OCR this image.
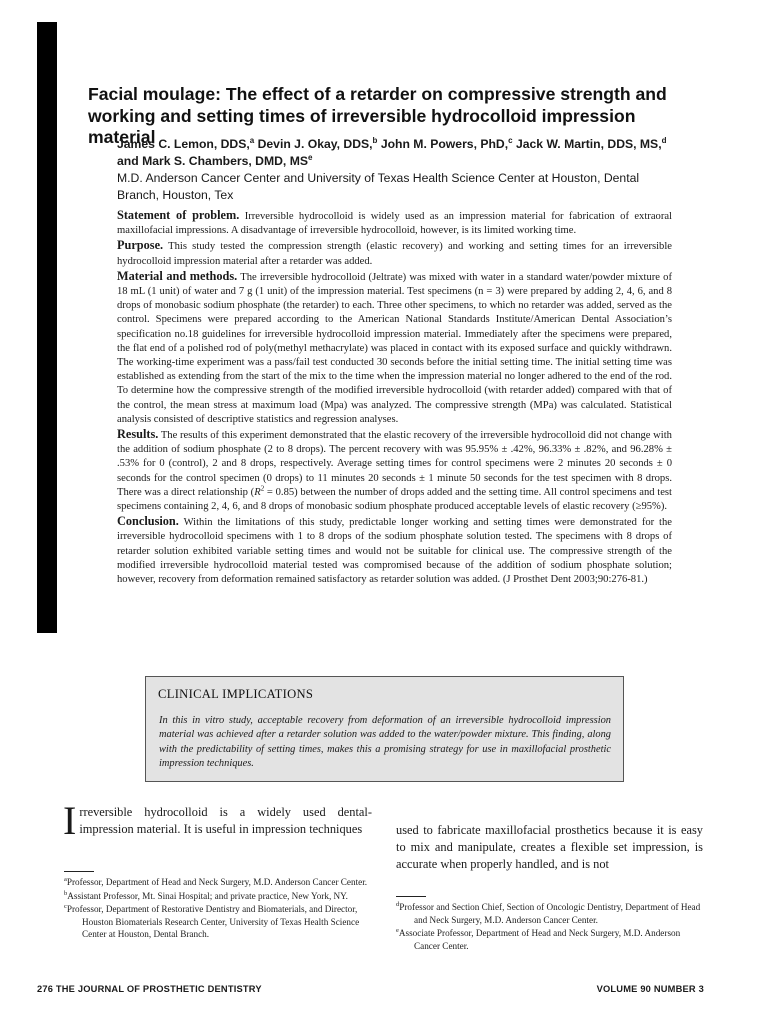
Facial moulage: The effect of a retarder on compressive strength and working and setting times of irreversible hydrocolloid impression material
James C. Lemon, DDS,$^a$ Devin J. Okay, DDS,$^b$ John M. Powers, PhD,$^c$ Jack W. Martin, DDS, MS,$^d$ and Mark S. Chambers, DMD, $MS^e$
M.D. Anderson Cancer Center and University of Texas Health Science Center at Houston, Dental Branch, Houston, Tex

Statement of problem. Irreversible hydrocolloid is widely used as an impression material for fabrication of extraoral maxillofacial impressions. A disadvantage of irreversible hydrocolloid, however, is its limited working time.

Purpose. This study tested the compression strength (elastic recovery) and working and setting times for an irreversible hydrocolloid impression material after a retarder was added.

Material and methods. The irreversible hydrocolloid (Jeltrate) was mixed with water in a standard water/powder mixture of 18 mL (1 unit) of water and 7 g (1 unit) of the impression material. Test specimens (n = 3) were prepared by adding 2, 4, 6, and 8 drops of monobasic sodium phosphate (the retarder) to each. Three other specimens, to which no retarder was added, served as the control. Specimens were prepared according to the American National Standards Institute/American Dental Association’s specification no.18 guidelines for irreversible hydrocolloid impression material. Immediately after the specimens were prepared, the flat end of a polished rod of poly(methyl methacrylate) was placed in contact with its exposed surface and quickly withdrawn. The working-time experiment was a pass/fail test conducted 30 seconds before the initial setting time. The initial setting time was established as extending from the start of the mix to the time when the impression material no longer adhered to the end of the rod. To determine how the compressive strength of the modified irreversible hydrocolloid (with retarder added) compared with that of the control, the mean stress at maximum load (Mpa) was analyzed. The compressive strength (MPa) was calculated. Statistical analysis consisted of descriptive statistics and regression analyses.

Results. The results of this experiment demonstrated that the elastic recovery of the irreversible hydrocolloid did not change with the addition of sodium phosphate (2 to 8 drops). The percent recovery with was 95.95% ± .42%, 96.33% ± .82%, and 96.28% ± .53% for 0 (control), 2 and 8 drops, respectively. Average setting times for control specimens were 2 minutes 20 seconds ± 0 seconds for the control specimen (0 drops) to 11 minutes 20 seconds ± 1 minute 50 seconds for the test specimen with 8 drops. There was a direct relationship $(R^2 = 0.85)$ between the number of drops added and the setting time. All control specimens and test specimens containing 2, 4, 6, and 8 drops of monobasic sodium phosphate produced acceptable levels of elastic recovery (≥95%).

Conclusion. Within the limitations of this study, predictable longer working and setting times were demonstrated for the irreversible hydrocolloid specimens with 1 to 8 drops of the sodium phosphate solution tested. The specimens with 8 drops of retarder solution exhibited variable setting times and would not be suitable for clinical use. The compressive strength of the modified irreversible hydrocolloid material tested was compromised because of the addition of sodium phosphate solution; however, recovery from deformation remained satisfactory as retarder solution was added. (J Prosthet Dent 2003;90:276-81.)

CLINICAL IMPLICATIONS

In this in vitro study, acceptable recovery from deformation of an irreversible hydrocolloid impression material was achieved after a retarder solution was added to the water/powder mixture. This finding, along with the predictability of setting times, makes this a promising strategy for use in maxillofacial prosthetic impression techniques.

Irreversible hydrocolloid is a widely used dental-impression material. It is useful in impression techniques	used to fabricate maxillofacial prosthetics because it is easy to mix and manipulate, creates a flexible set impression, is accurate when properly handled, and is not

$^a$Professor, Department of Head and Neck Surgery, M.D. Anderson Cancer Center.

$^b$Assistant Professor, Mt. Sinai Hospital; and private practice, New York, NY.

$^c$Professor, Department of Restorative Dentistry and Biomaterials, and Director, Houston Biomaterials Research Center, University of Texas Health Science Center at Houston, Dental Branch.

$^d$Professor and Section Chief, Section of Oncologic Dentistry, Department of Head and Neck Surgery, M.D. Anderson Cancer Center.

$^e$Associate Professor, Department of Head and Neck Surgery, M.D. Anderson Cancer Center.

276 THE JOURNAL OF PROSTHETIC DENTISTRY	VOLUME 90 NUMBER 3
